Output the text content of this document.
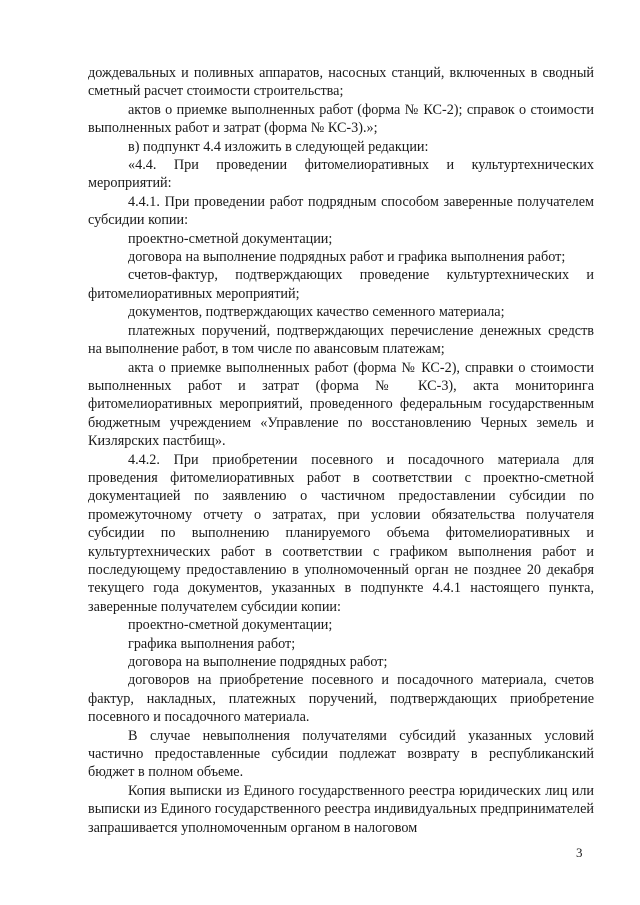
дождевальных и поливных аппаратов, насосных станций, включенных в сводный сметный расчет стоимости строительства;

актов о приемке выполненных работ (форма № КС-2); справок о стоимости выполненных работ и затрат (форма № КС-3).»;

в) подпункт 4.4 изложить в следующей редакции:

«4.4. При проведении фитомелиоративных и культуртехнических мероприятий:

4.4.1. При проведении работ подрядным способом заверенные получателем субсидии копии:

проектно-сметной документации;

договора на выполнение подрядных работ и графика выполнения работ;

счетов-фактур, подтверждающих проведение культуртехнических и фитомелиоративных мероприятий;

документов, подтверждающих качество семенного материала;

платежных поручений, подтверждающих перечисление денежных средств на выполнение работ, в том числе по авансовым платежам;

акта о приемке выполненных работ (форма № КС-2), справки о стоимости выполненных работ и затрат (форма № КС-3), акта мониторинга фитомелиоративных мероприятий, проведенного федеральным государственным бюджетным учреждением «Управление по восстановлению Черных земель и Кизлярских пастбищ».

4.4.2. При приобретении посевного и посадочного материала для проведения фитомелиоративных работ в соответствии с проектно-сметной документацией по заявлению о частичном предоставлении субсидии по промежуточному отчету о затратах, при условии обязательства получателя субсидии по выполнению планируемого объема фитомелиоративных и культуртехнических работ в соответствии с графиком выполнения работ и последующему предоставлению в уполномоченный орган не позднее 20 декабря текущего года документов, указанных в подпункте 4.4.1 настоящего пункта, заверенные получателем субсидии копии:

проектно-сметной документации;

графика выполнения работ;

договора на выполнение подрядных работ;

договоров на приобретение посевного и посадочного материала, счетов фактур, накладных, платежных поручений, подтверждающих приобретение посевного и посадочного материала.

В случае невыполнения получателями субсидий указанных условий частично предоставленные субсидии подлежат возврату в республиканский бюджет в полном объеме.

Копия выписки из Единого государственного реестра юридических лиц или выписки из Единого государственного реестра индивидуальных предпринимателей запрашивается уполномоченным органом в налоговом

3
